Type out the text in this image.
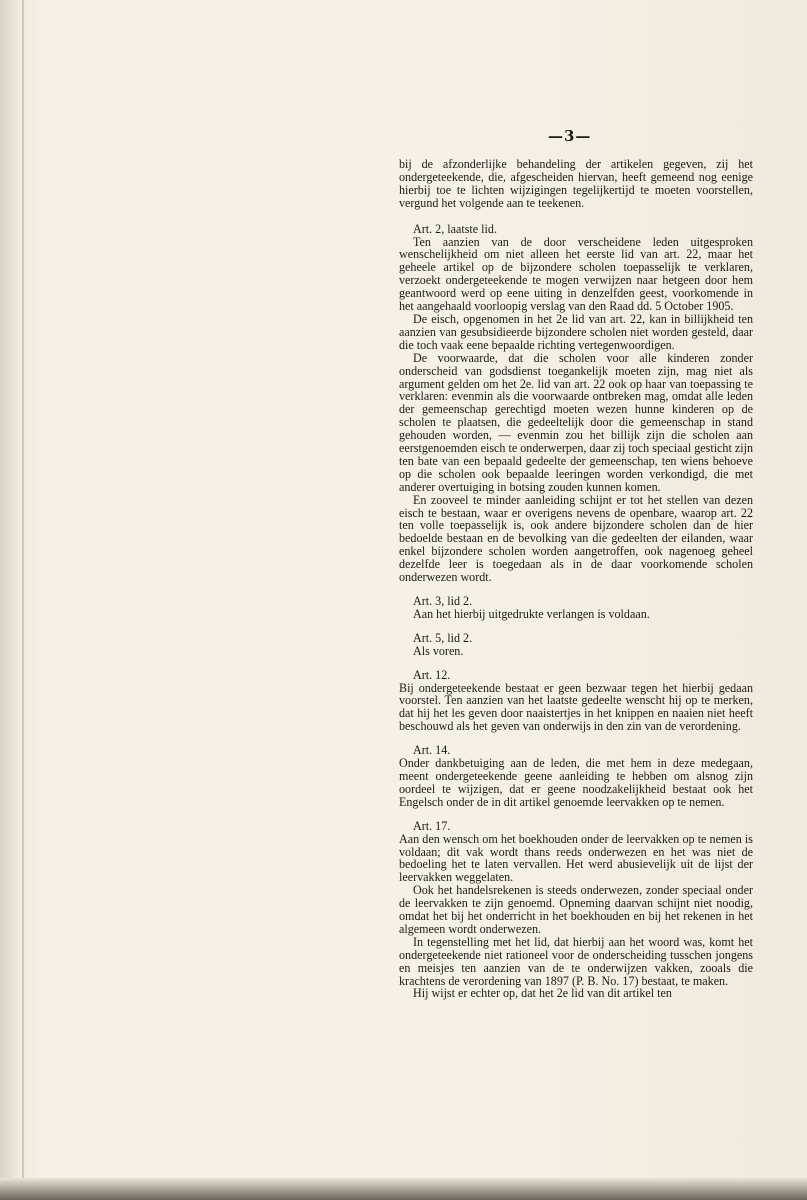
—3—

bij de afzonderlijke behandeling der artikelen gegeven, zij het ondergeteekende, die, afgescheiden hiervan, heeft gemeend nog eenige hierbij toe te lichten wijzigingen tegelijkertijd te moeten voorstellen, vergund het volgende aan te teekenen.

Art. 2, laatste lid.

Ten aanzien van de door verscheidene leden uitgesproken wenschelijkheid om niet alleen het eerste lid van art. 22, maar het geheele artikel op de bijzondere scholen toepasselijk te verklaren, verzoekt ondergeteekende te mogen verwijzen naar hetgeen door hem geantwoord werd op eene uiting in denzelfden geest, voorkomende in het aangehaald voorloopig verslag van den Raad dd. 5 October 1905.

De eisch, opgenomen in het 2e lid van art. 22, kan in billijkheid ten aanzien van gesubsidieerde bijzondere scholen niet worden gesteld, daar die toch vaak eene bepaalde richting vertegenwoordigen.

De voorwaarde, dat die scholen voor alle kinderen zonder onderscheid van godsdienst toegankelijk moeten zijn, mag niet als argument gelden om het 2e. lid van art. 22 ook op haar van toepassing te verklaren: evenmin als die voorwaarde ontbreken mag, omdat alle leden der gemeenschap gerechtigd moeten wezen hunne kinderen op de scholen te plaatsen, die gedeeltelijk door die gemeenschap in stand gehouden worden, — evenmin zou het billijk zijn die scholen aan eerstgenoemden eisch te onderwerpen, daar zij toch speciaal gesticht zijn ten bate van een bepaald gedeelte der gemeenschap, ten wiens behoeve op die scholen ook bepaalde leeringen worden verkondigd, die met anderer overtuiging in botsing zouden kunnen komen.

En zooveel te minder aanleiding schijnt er tot het stellen van dezen eisch te bestaan, waar er overigens nevens de openbare, waarop art. 22 ten volle toepasselijk is, ook andere bijzondere scholen dan de hier bedoelde bestaan en de bevolking van die gedeelten der eilanden, waar enkel bijzondere scholen worden aangetroffen, ook nagenoeg geheel dezelfde leer is toegedaan als in de daar voorkomende scholen onderwezen wordt.

Art. 3, lid 2.

Aan het hierbij uitgedrukte verlangen is voldaan.

Art. 5, lid 2.

Als voren.

Art. 12.

Bij ondergeteekende bestaat er geen bezwaar tegen het hierbij gedaan voorstel. Ten aanzien van het laatste gedeelte wenscht hij op te merken, dat hij het les geven door naaistertjes in het knippen en naaien niet heeft beschouwd als het geven van onderwijs in den zin van de verordening.

Art. 14.

Onder dankbetuiging aan de leden, die met hem in deze medegaan, meent ondergeteekende geene aanleiding te hebben om alsnog zijn oordeel te wijzigen, dat er geene noodzakelijkheid bestaat ook het Engelsch onder de in dit artikel genoemde leervakken op te nemen.

Art. 17.

Aan den wensch om het boekhouden onder de leervakken op te nemen is voldaan; dit vak wordt thans reeds onderwezen en het was niet de bedoeling het te laten vervallen. Het werd abusievelijk uit de lijst der leervakken weggelaten.

Ook het handelsrekenen is steeds onderwezen, zonder speciaal onder de leervakken te zijn genoemd. Opneming daarvan schijnt niet noodig, omdat het bij het onderricht in het boekhouden en bij het rekenen in het algemeen wordt onderwezen.

In tegenstelling met het lid, dat hierbij aan het woord was, komt het ondergeteekende niet rationeel voor de onderscheiding tusschen jongens en meisjes ten aanzien van de te onderwijzen vakken, zooals die krachtens de verordening van 1897 (P. B. No. 17) bestaat, te maken.

Hij wijst er echter op, dat het 2e lid van dit artikel ten
